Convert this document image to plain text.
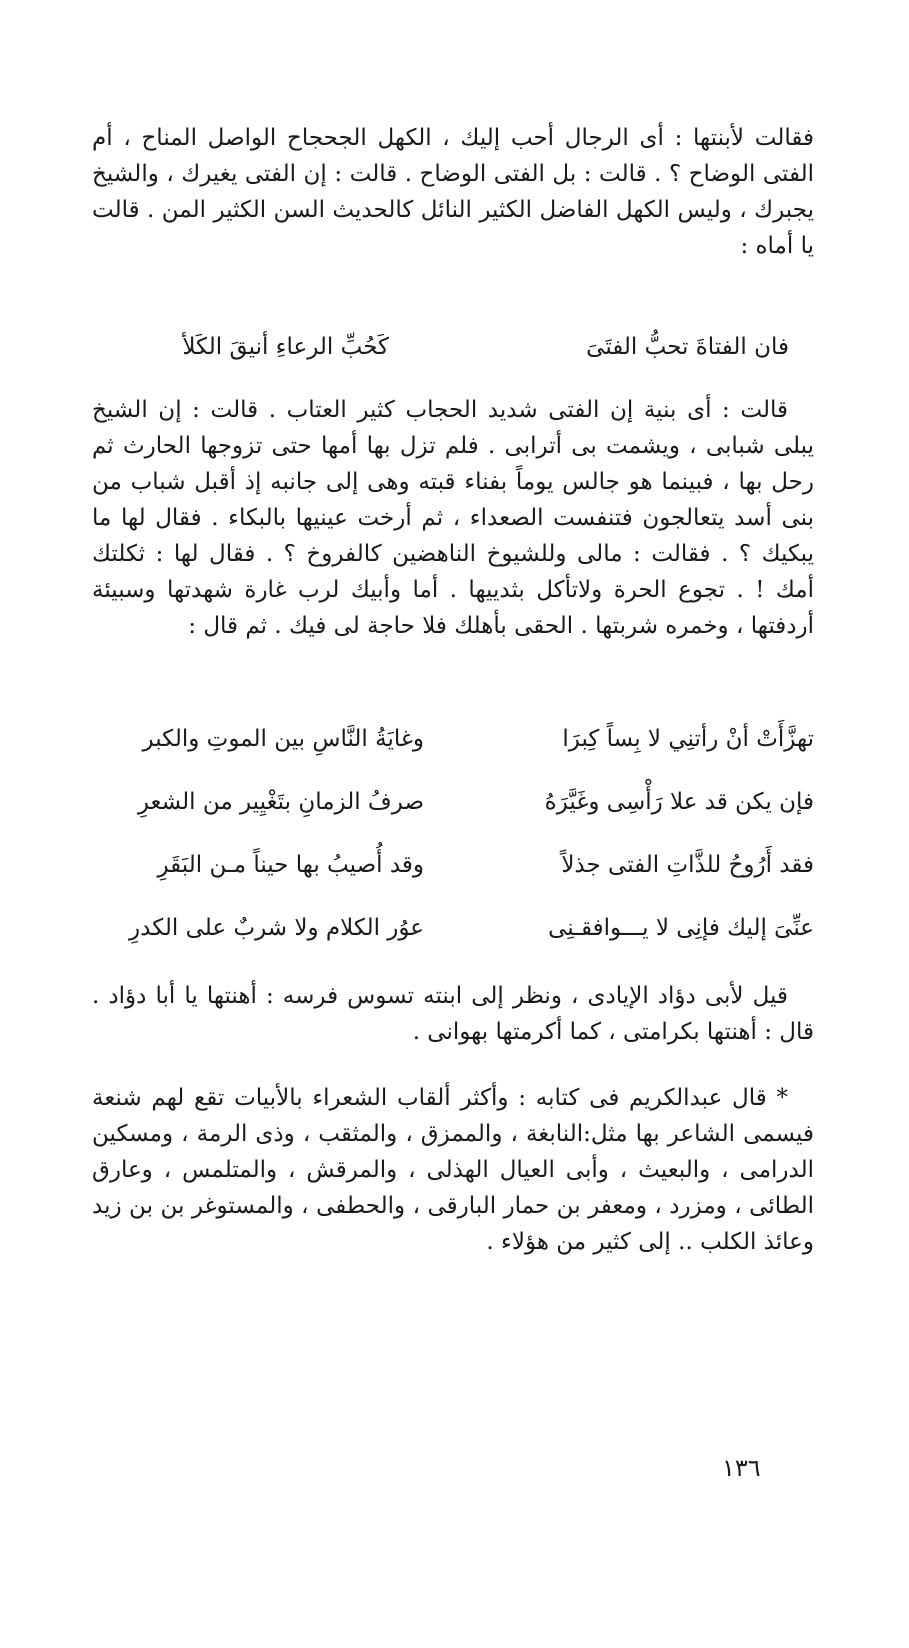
فقالت لأبنتها : أى الرجال أحب إليك ، الكهل الجحجاح الواصل المناح ، أم الفتى الوضاح ؟ . قالت : بل الفتى الوضاح . قالت : إن الفتى يغيرك ، والشيخ يجبرك ، وليس الكهل الفاضل الكثير النائل كالحديث السن الكثير المن . قالت يا أماه :

فان الفتاةَ تحبُّ الفتَىَ
كَحُبِّ الرعاءِ أنيقَ الكَلأ

قالت : أى بنية إن الفتى شديد الحجاب كثير العتاب . قالت : إن الشيخ يبلى شبابى ، ويشمت بى أترابى . فلم تزل بها أمها حتى تزوجها الحارث ثم رحل بها ، فبينما هو جالس يوماً بفناء قبته وهى إلى جانبه إذ أقبل شباب من بنى أسد يتعالجون فتنفست الصعداء ، ثم أرخت عينيها بالبكاء . فقال لها ما يبكيك ؟ . فقالت : مالى وللشيوخ الناهضين كالفروخ ؟ . فقال لها : ثكلتك أمك ! . تجوع الحرة ولاتأكل بثدييها . أما وأبيك لرب غارة شهدتها وسبيئة أردفتها ، وخمره شربتها . الحقى بأهلك فلا حاجة لى فيك . ثم قال :

تهزَّأَتْ أنْ رأتنِي لا بِساً كِبرَا
وغايَةُ النَّاسِ بين الموتِ والكبر
فإن يكن قد علا رَأْسِى وغَيَّرَهُ
صرفُ الزمانِ بتَغْيِير من الشعرِ
فقد أَرُوحُ للذَّاتِ الفتى جذلاً
وقد أُصيبُ بها حيناً مـن البَقَرِ
عنِّىَ إليك فإنِى لا يـــوافقـنِى
عوُر الكلام ولا شربٌ على الكدرِ

قيل لأبى دؤاد الإيادى ، ونظر إلى ابنته تسوس فرسه : أهنتها يا أبا دؤاد . قال : أهنتها بكرامتى ، كما أكرمتها بهوانى .

* قال عبدالكريم فى كتابه : وأكثر ألقاب الشعراء بالأبيات تقع لهم شنعة فيسمى الشاعر بها مثل:النابغة ، والممزق ، والمثقب ، وذى الرمة ، ومسكين الدرامى ، والبعيث ، وأبى العيال الهذلى ، والمرقش ، والمتلمس ، وعارق الطائى ، ومزرد ، ومعفر بن حمار البارقى ، والحطفى ، والمستوغر بن بن زيد وعائذ الكلب .. إلى كثير من هؤلاء .

١٣٦
